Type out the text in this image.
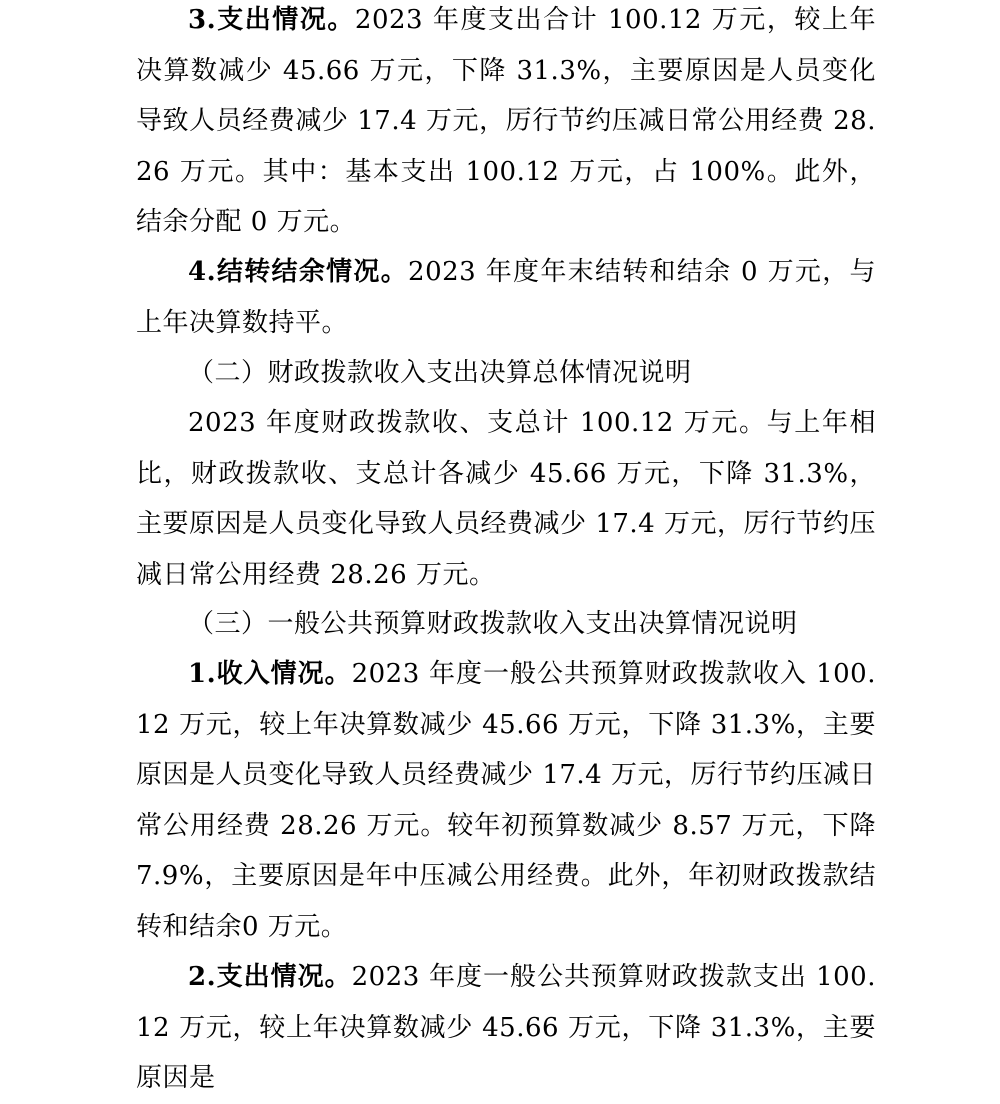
3.支出情况。2023 年度支出合计 100.12 万元，较上年决算数减少 45.66 万元，下降 31.3%，主要原因是人员变化导致人员经费减少 17.4 万元，厉行节约压减日常公用经费 28.26 万元。其中：基本支出 100.12 万元，占 100%。此外，结余分配 0 万元。

4.结转结余情况。2023 年度年末结转和结余 0 万元，与上年决算数持平。

（二）财政拨款收入支出决算总体情况说明

2023 年度财政拨款收、支总计 100.12 万元。与上年相比，财政拨款收、支总计各减少 45.66 万元，下降 31.3%，主要原因是人员变化导致人员经费减少 17.4 万元，厉行节约压减日常公用经费 28.26 万元。

（三）一般公共预算财政拨款收入支出决算情况说明

1.收入情况。2023 年度一般公共预算财政拨款收入 100.12 万元，较上年决算数减少 45.66 万元，下降 31.3%，主要原因是人员变化导致人员经费减少 17.4 万元，厉行节约压减日常公用经费 28.26 万元。较年初预算数减少 8.57 万元，下降 7.9%，主要原因是年中压减公用经费。此外，年初财政拨款结转和结余0 万元。

2.支出情况。2023 年度一般公共预算财政拨款支出 100.12 万元，较上年决算数减少 45.66 万元，下降 31.3%，主要原因是
